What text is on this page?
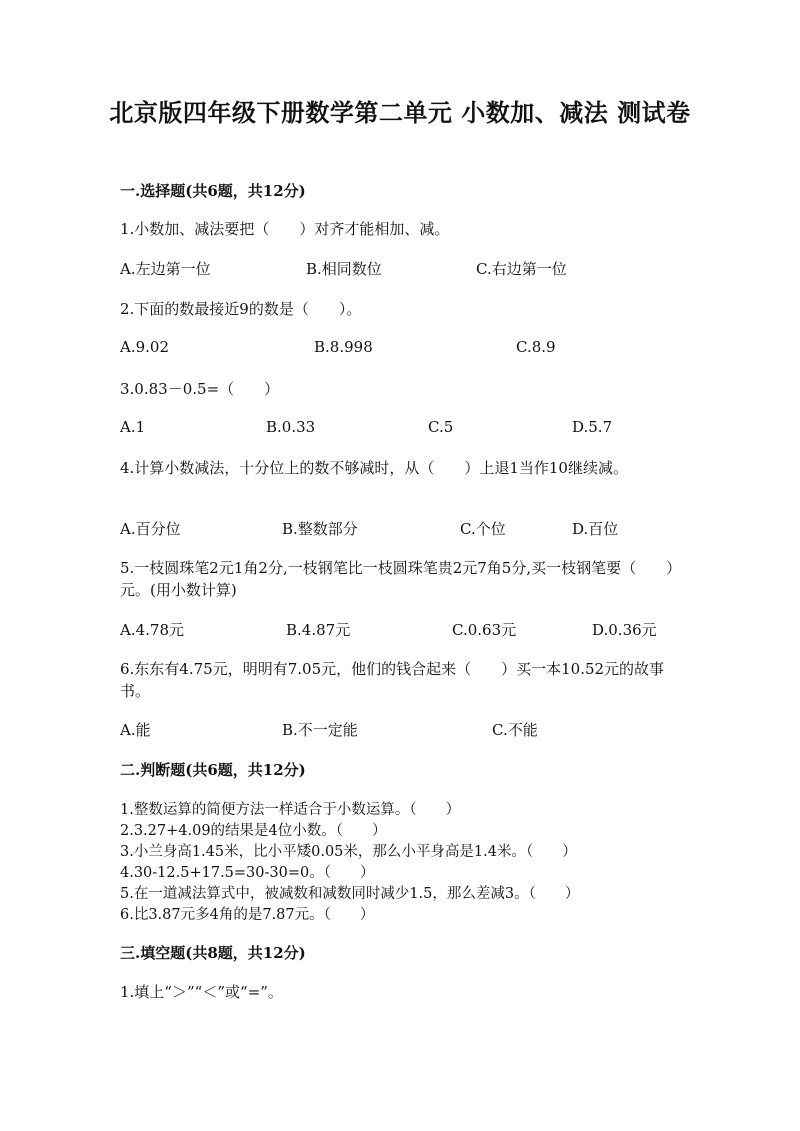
北京版四年级下册数学第二单元 小数加、减法 测试卷
一.选择题(共6题，共12分)
1.小数加、减法要把（　　）对齐才能相加、减。
A.左边第一位	B.相同数位	C.右边第一位
2.下面的数最接近9的数是（　　）。
A.9.02	B.8.998	C.8.9
3.0.83－0.5=（　　）
A.1	B.0.33	C.5	D.5.7
4.计算小数减法，十分位上的数不够减时，从（　　）上退1当作10继续减。
A.百分位	B.整数部分	C.个位	D.百位
5.一枝圆珠笔2元1角2分,一枝钢笔比一枝圆珠笔贵2元7角5分,买一枝钢笔要（　　）元。(用小数计算)
A.4.78元	B.4.87元	C.0.63元	D.0.36元
6.东东有4.75元，明明有7.05元，他们的钱合起来（　　）买一本10.52元的故事书。
A.能	B.不一定能	C.不能
二.判断题(共6题，共12分)
1.整数运算的简便方法一样适合于小数运算。（　　）
2.3.27+4.09的结果是4位小数。（　　）
3.小兰身高1.45米，比小平矮0.05米，那么小平身高是1.4米。（　　）
4.30-12.5+17.5=30-30=0。（　　）
5.在一道减法算式中，被减数和减数同时减少1.5，那么差减3。（　　）
6.比3.87元多4角的是7.87元。（　　）
三.填空题(共8题，共12分)
1.填上“＞”“＜”或“=”。
